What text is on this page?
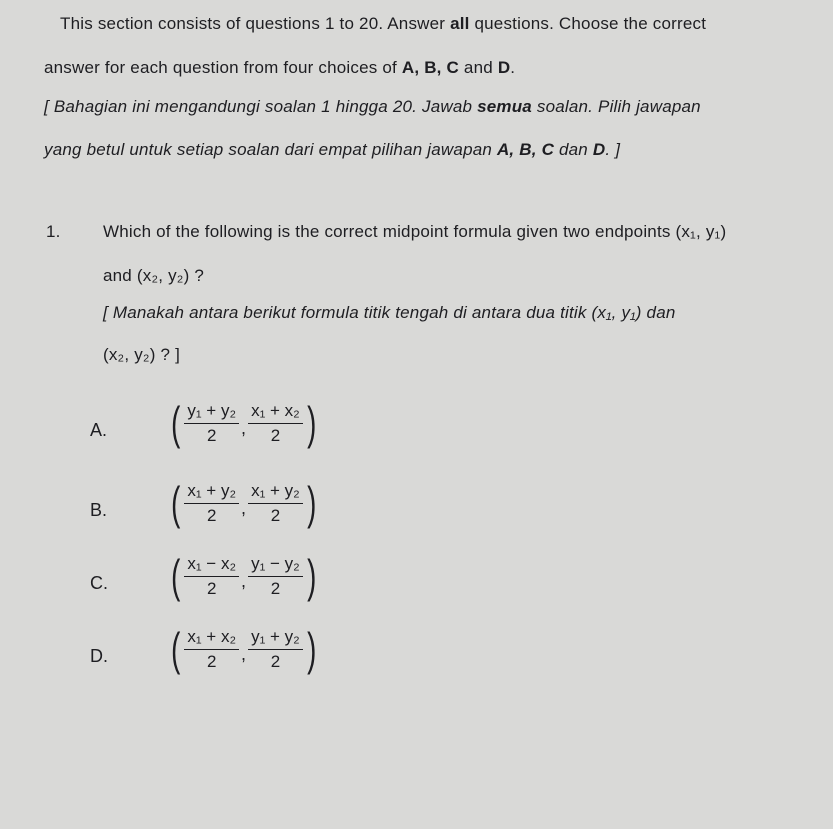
This section consists of questions 1 to 20. Answer all questions. Choose the correct
answer for each question from four choices of A, B, C and D.
[ Bahagian ini mengandungi soalan 1 hingga 20. Jawab semua soalan. Pilih jawapan
yang betul untuk setiap soalan dari empat pilihan jawapan A, B, C dan D. ]
1. Which of the following is the correct midpoint formula given two endpoints (x₁, y₁)
and (x₂, y₂) ?
[ Manakah antara berikut formula titik tengah di antara dua titik (x₁, y₁) dan
(x₂, y₂) ? ]
A. ( $\frac{\text{y₁ + y₂}}{2}$ , $\frac{\text{x₁ + x₂}}{2}$ )
B. ( $\frac{\text{x₁ + y₂}}{2}$ , $\frac{\text{x₁ + y₂}}{2}$ )
C. ( $\frac{\text{x₁ − x₂}}{2}$ , $\frac{\text{y₁ − y₂}}{2}$ )
D. ( $\frac{\text{x₁ + x₂}}{2}$ , $\frac{\text{y₁ + y₂}}{2}$ )
